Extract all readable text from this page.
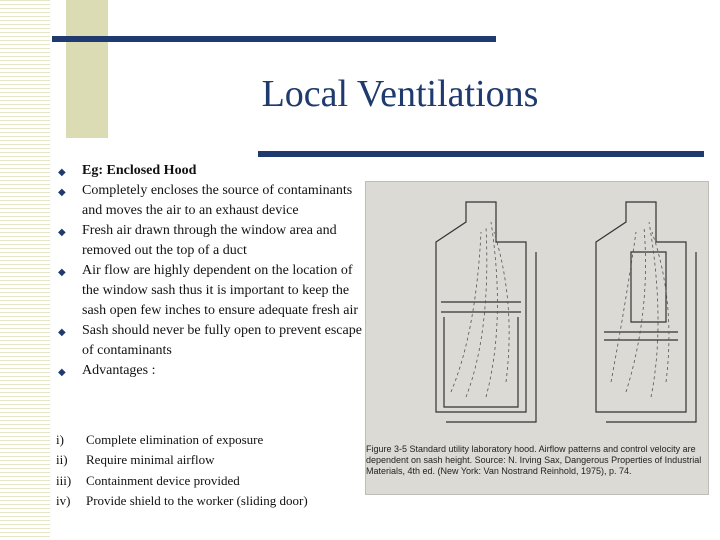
Local Ventilations
◆ Eg: Enclosed Hood
◆ Completely encloses the source of contaminants and moves the air to an exhaust device
◆ Fresh air drawn through the window area and removed out the top of a duct
◆ Air flow are highly dependent on the location of the window sash thus it is important to keep the sash open few inches to ensure adequate fresh air
◆ Sash should never be fully open to prevent escape of contaminants
◆ Advantages :
i) Complete elimination of exposure
ii) Require minimal airflow
iii) Containment device provided
iv) Provide shield to the worker (sliding door)
Figure 3-5 Standard utility laboratory hood. Airflow patterns and control velocity are dependent on sash height. Source: N. Irving Sax, Dangerous Properties of Industrial Materials, 4th ed. (New York: Van Nostrand Reinhold, 1975), p. 74.
